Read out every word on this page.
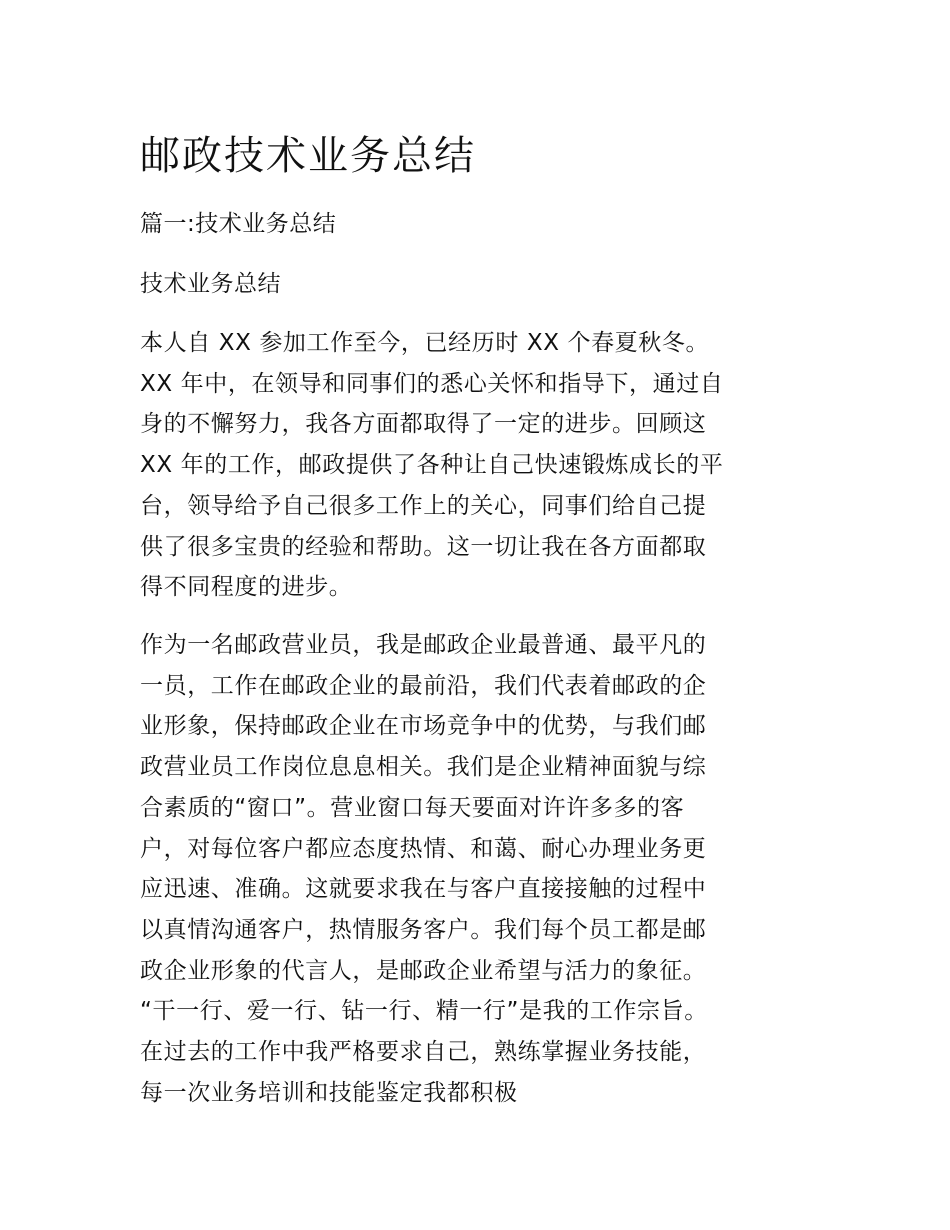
邮政技术业务总结

篇一:技术业务总结

技术业务总结

本人自 XX 参加工作至今，已经历时 XX 个春夏秋冬。
XX 年中，在领导和同事们的悉心关怀和指导下，通过自
身的不懈努力，我各方面都取得了一定的进步。回顾这
XX 年的工作，邮政提供了各种让自己快速锻炼成长的平
台，领导给予自己很多工作上的关心，同事们给自己提
供了很多宝贵的经验和帮助。这一切让我在各方面都取
得不同程度的进步。

作为一名邮政营业员，我是邮政企业最普通、最平凡的
一员，工作在邮政企业的最前沿，我们代表着邮政的企
业形象，保持邮政企业在市场竞争中的优势，与我们邮
政营业员工作岗位息息相关。我们是企业精神面貌与综
合素质的“窗口”。营业窗口每天要面对许许多多的客
户，对每位客户都应态度热情、和蔼、耐心办理业务更
应迅速、准确。这就要求我在与客户直接接触的过程中
以真情沟通客户，热情服务客户。我们每个员工都是邮
政企业形象的代言人，是邮政企业希望与活力的象征。
“干一行、爱一行、钻一行、精一行”是我的工作宗旨。
在过去的工作中我严格要求自己，熟练掌握业务技能，
每一次业务培训和技能鉴定我都积极
